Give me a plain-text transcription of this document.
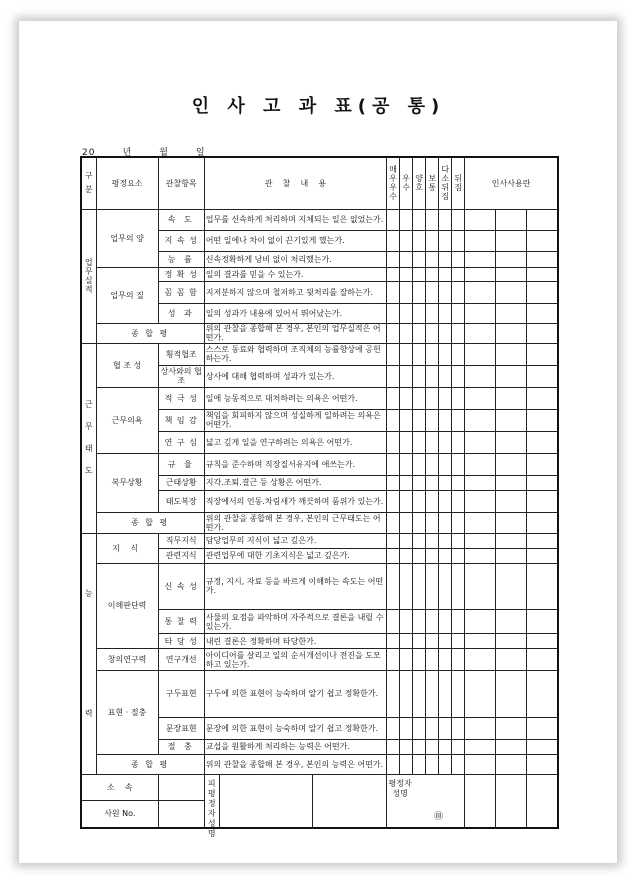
인 사 고 과 표(공 통)
20       년       월       일
구분	평정요소	관찰항목	관    찰    내    용	매우우수	우수	양호	보통	다소뒤짐	뒤짐	인사사용란		
업무실적	업무의 양	속 도	업무를 신속하게 처리하며 지체되는 일은 없었는가.									
		지 속 성	어떤 일에나 차이 없이 끈기있게 했는가.									
		능 률	신속정확하게 낭비 없이 처리했는가.									
	업무의 질	정 확 성	일의 결과를 믿을 수 있는가.									
		꼼 꼼 함	지저분하지 않으며 철저하고 뒷처리를 잘하는가.									
		성 과	일의 성과가 내용에 있어서 뛰어났는가.									
	종 합 평		위의 관찰을 종합해 본 경우, 본인의 업무실적은 어떤가.									
근무태도	협 조 성	횡적협조	스스로 동료와 협력하며 조직체의 능률향상에 공헌하는가.									
		상사와의 협 조	상사에 대해 협력하며 성과가 있는가.									
	근무의욕	적 극 성	일에 능동적으로 대처하려는 의욕은 어떤가.									
		책 임 감	책임을 회피하지 않으며 성실하게 일하려는 의욕은 어떤가.									
		연 구 심	넓고 깊게 일을 연구하려는 의욕은 어떤가.									
	복무상황	규 율	규칙을 준수하며 직장질서유지에 애쓰는가.									
		근태상황	지각.조퇴.결근 등 상황은 어떤가.									
		태도복장	직장에서의 언동.차림새가 깨끗하며 품위가 있는가.									
	종 합 평		위의 관찰을 종합해 본 경우, 본인의 근무태도는 어떤가.									
능력	지 식	직무지식	담당업무의 지식이 넓고 깊은가.									
		관련지식	관련업무에 대한 기초지식은 넓고 깊은가.									
	이해판단력	신 속 성	규정, 지시, 자료 등을 바르게 이해하는 속도는 어떤가.									
		통 찰 력	사물의 요점을 파악하며 자주적으로 결론을 내릴 수 있는가.									
		타 당 성	내린 결론은 정확하며 타당한가.									
	창의연구력	연구개선	아이디어를 살리고 일의 순서개선이나 전진을 도모하고 있는가.									
	표현 · 절충	구두표현	구두에 의한 표현이 능숙하며 알기 쉽고 정확한가.									
		문장표현	문장에 의한 표현이 능숙하며 알기 쉽고 정확한가.									
		절 충	교섭을 원활하게 처리하는 능력은 어떤가.									
	종 합 평		위의 관찰을 종합해 본 경우, 본인의 능력은 어떤가.									
소    속			피평정자 성명	평정자 성명
㊞								

사원 No.												
